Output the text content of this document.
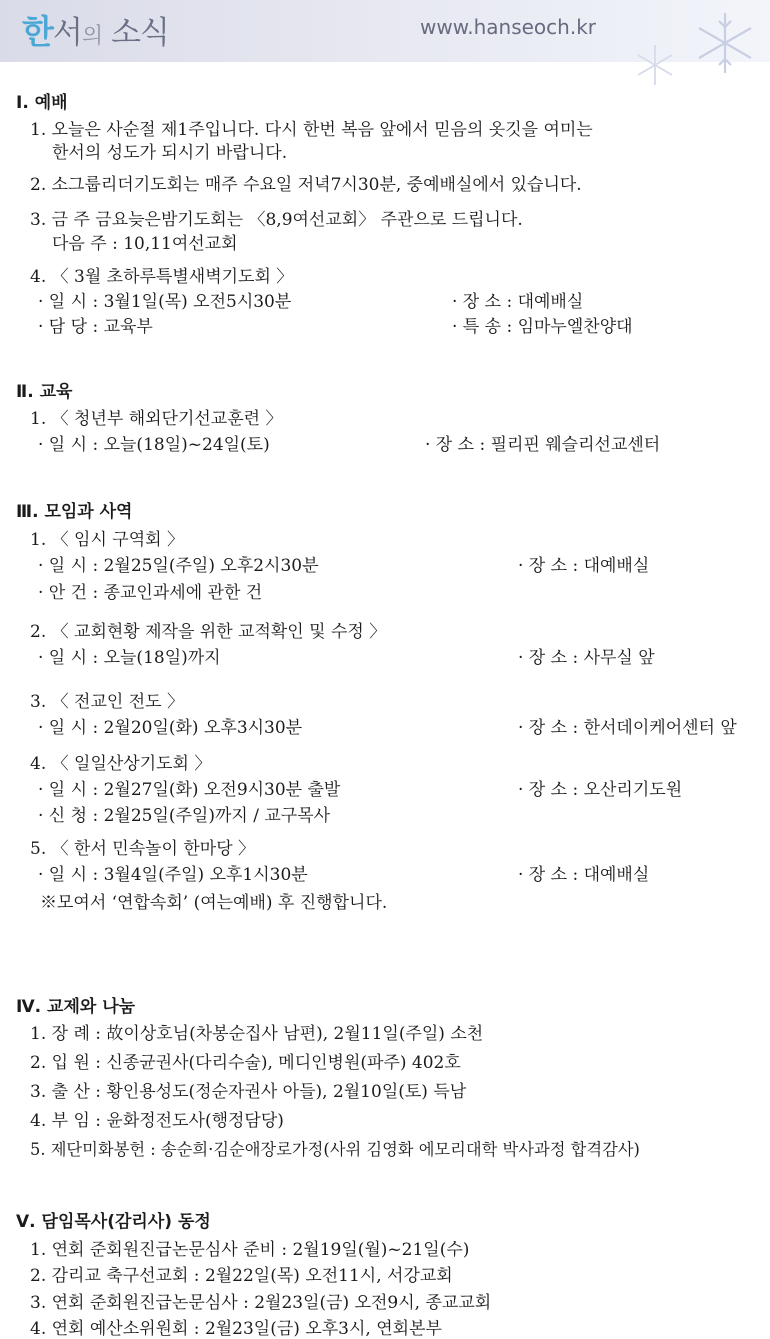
한서의 소식	www.hanseoch.kr
Ⅰ. 예배
1. 오늘은 사순절 제1주입니다. 다시 한번 복음 앞에서 믿음의 옷깃을 여미는
한서의 성도가 되시기 바랍니다.
2. 소그룹리더기도회는 매주 수요일 저녁7시30분, 중예배실에서 있습니다.
3. 금 주 금요늦은밤기도회는 〈8,9여선교회〉 주관으로 드립니다.
다음 주 : 10,11여선교회
4. 〈 3월 초하루특별새벽기도회 〉
· 일 시 : 3월1일(목) 오전5시30분	· 장 소 : 대예배실
· 담 당 : 교육부	· 특 송 : 임마누엘찬양대
Ⅱ. 교육
1. 〈 청년부 해외단기선교훈련 〉
· 일 시 : 오늘(18일)~24일(토)	· 장 소 : 필리핀 웨슬리선교센터
Ⅲ. 모임과 사역
1. 〈 임시 구역회 〉
· 일 시 : 2월25일(주일) 오후2시30분	· 장 소 : 대예배실
· 안 건 : 종교인과세에 관한 건
2. 〈 교회현황 제작을 위한 교적확인 및 수정 〉
· 일 시 : 오늘(18일)까지	· 장 소 : 사무실 앞
3. 〈 전교인 전도 〉
· 일 시 : 2월20일(화) 오후3시30분	· 장 소 : 한서데이케어센터 앞
4. 〈 일일산상기도회 〉
· 일 시 : 2월27일(화) 오전9시30분 출발	· 장 소 : 오산리기도원
· 신 청 : 2월25일(주일)까지 / 교구목사
5. 〈 한서 민속놀이 한마당 〉
· 일 시 : 3월4일(주일) 오후1시30분	· 장 소 : 대예배실
※모여서 ‘연합속회’ (여는예배) 후 진행합니다.
Ⅳ. 교제와 나눔
1. 장 례 : 故이상호님(차봉순집사 남편), 2월11일(주일) 소천
2. 입 원 : 신종균권사(다리수술), 메디인병원(파주) 402호
3. 출 산 : 황인용성도(정순자권사 아들), 2월10일(토) 득남
4. 부 임 : 윤화정전도사(행정담당)
5. 제단미화봉헌 : 송순희·김순애장로가정(사위 김영화 에모리대학 박사과정 합격감사)
Ⅴ. 담임목사(감리사) 동정
1. 연회 준회원진급논문심사 준비 : 2월19일(월)~21일(수)
2. 감리교 축구선교회 : 2월22일(목) 오전11시, 서강교회
3. 연회 준회원진급논문심사 : 2월23일(금) 오전9시, 종교교회
4. 연회 예산소위원회 : 2월23일(금) 오후3시, 연회본부
